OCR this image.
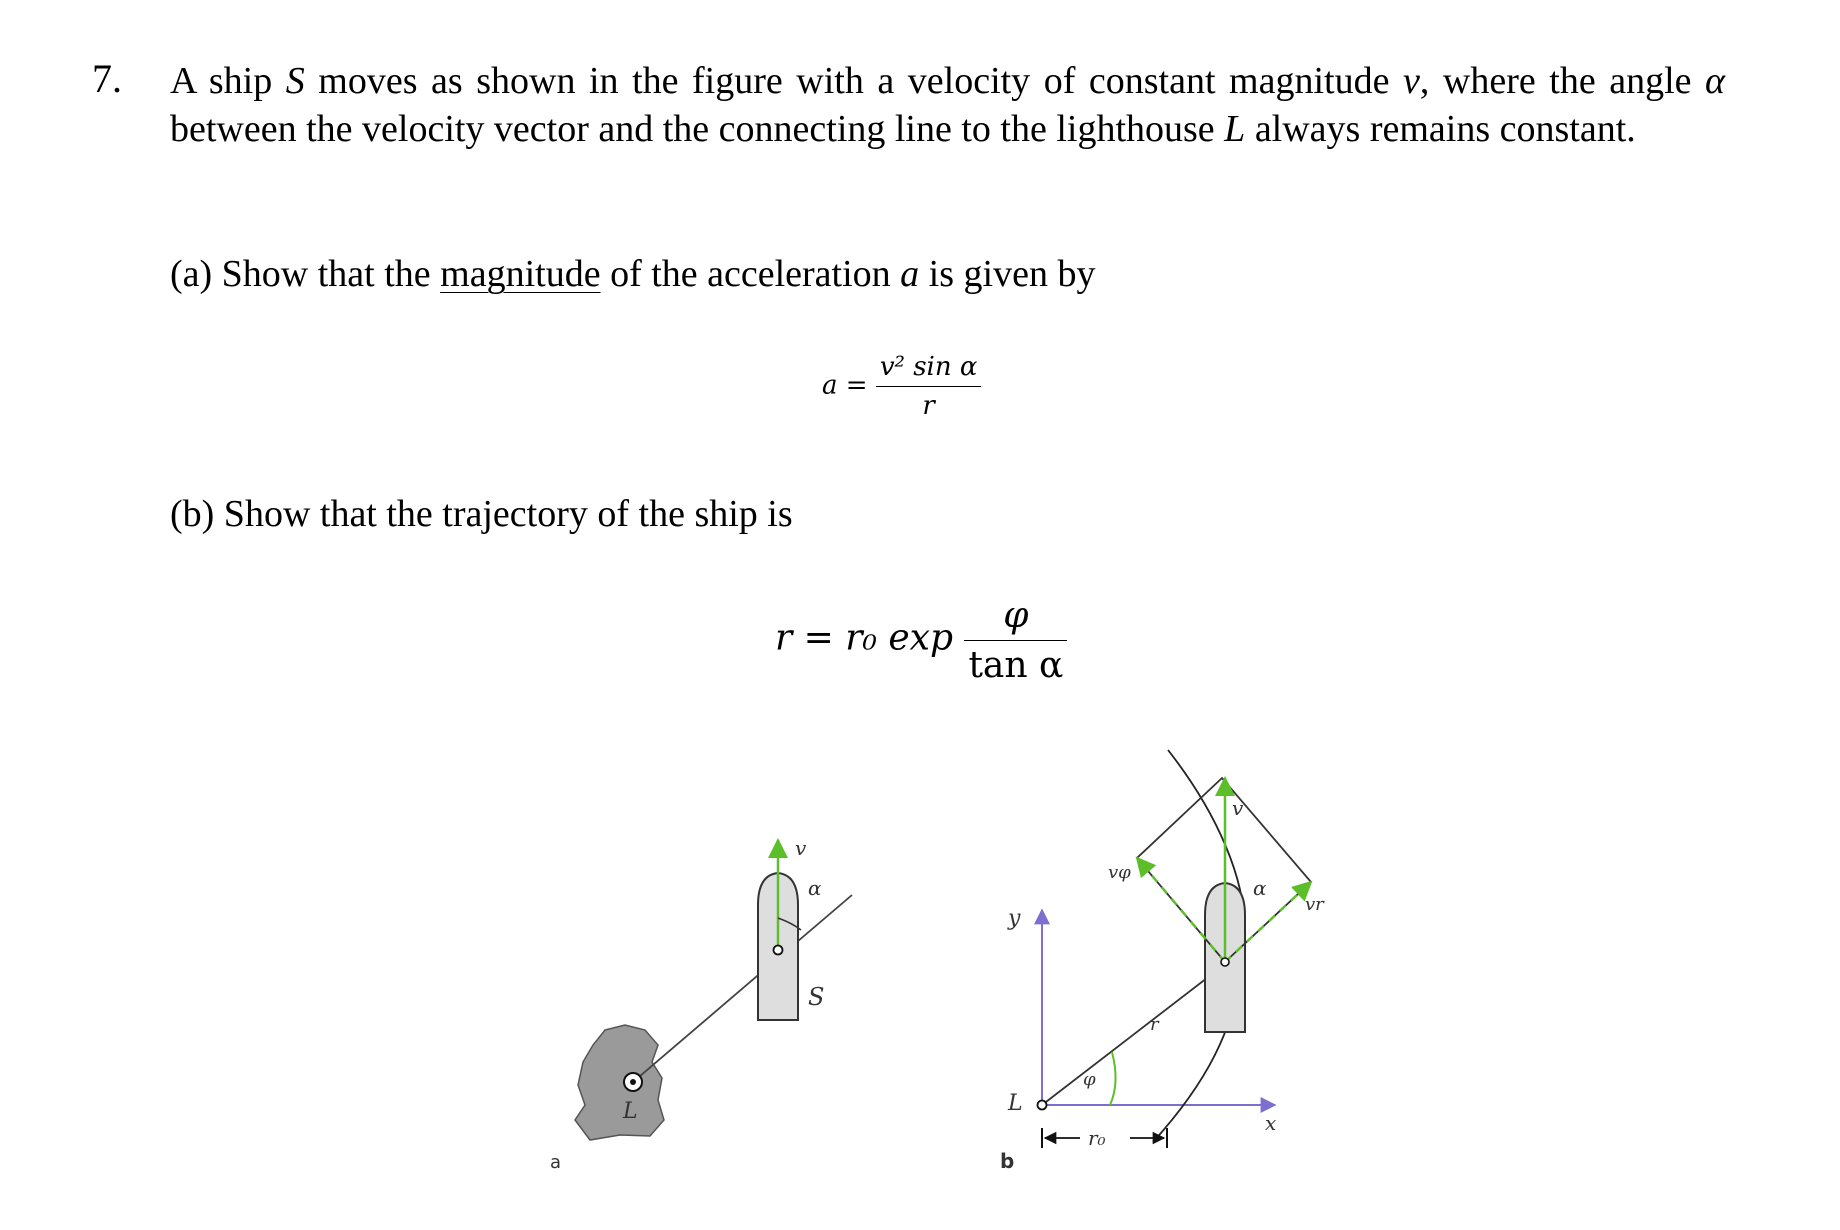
7. A ship S moves as shown in the figure with a velocity of constant magnitude v, where the angle α between the velocity vector and the connecting line to the lighthouse L always remains constant.
(a) Show that the magnitude of the acceleration a is given by
$a = \frac{\text{v² sin α}}{r}$
(b) Show that the trajectory of the ship is
r = r₀ $\exp \frac{\varphi}{\text{tan α}}$
v
α
S
L
a
v
vφ
vr
α
y
x
r
φ
L
r₀
b
